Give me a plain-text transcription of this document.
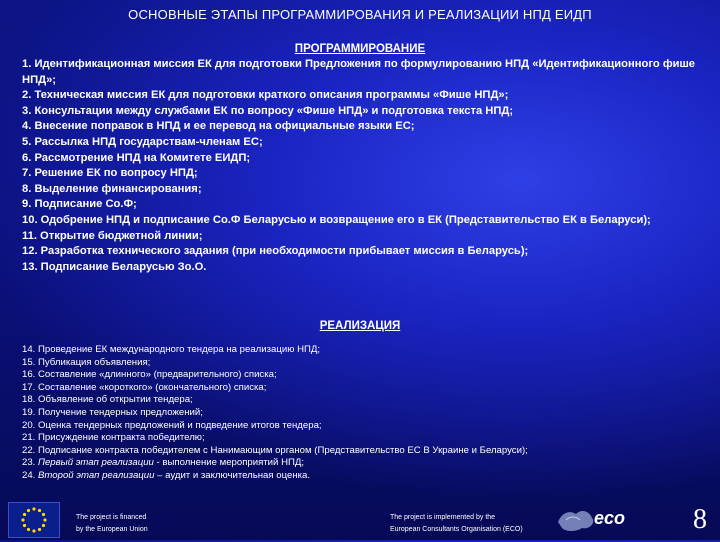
ОСНОВНЫЕ ЭТАПЫ ПРОГРАММИРОВАНИЯ И РЕАЛИЗАЦИИ НПД ЕИДП
ПРОГРАММИРОВАНИЕ
1. Идентификационная миссия ЕК для подготовки Предложения по формулированию НПД «Идентификационного фише НПД»;
2. Техническая миссия ЕК для подготовки краткого описания программы «Фише НПД»;
3. Консультации между службами ЕК по вопросу «Фише НПД» и подготовка текста НПД;
4. Внесение поправок в НПД и ее перевод на официальные языки ЕС;
5. Рассылка НПД государствам-членам ЕС;
6. Рассмотрение НПД на Комитете ЕИДП;
7. Решение ЕК по вопросу НПД;
8. Выделение финансирования;
9. Подписание Со.Ф;
10. Одобрение НПД и подписание Со.Ф Беларусью и возвращение его в ЕК (Представительство ЕК в Беларуси);
11. Открытие бюджетной линии;
12. Разработка технического задания (при необходимости прибывает миссия в Беларусь);
13. Подписание Беларусью Зо.О.
РЕАЛИЗАЦИЯ
14. Проведение ЕК международного тендера на реализацию НПД;
15. Публикация объявления;
16. Составление «длинного» (предварительного) списка;
17. Составление «короткого» (окончательного) списка;
18. Объявление об открытии тендера;
19. Получение тендерных предложений;
20. Оценка тендерных предложений и подведение итогов тендера;
21. Присуждение контракта победителю;
22. Подписание контракта победителем с Нанимающим органом (Представительство ЕС В Украине и Беларуси);
23. Первый этап реализации - выполнение мероприятий НПД;
24. Второй этап реализации – аудит и заключительная оценка.
The project is financed
by the European Union
The project is implemented by the
European Consultants Organisation (ECO)
eco	8
